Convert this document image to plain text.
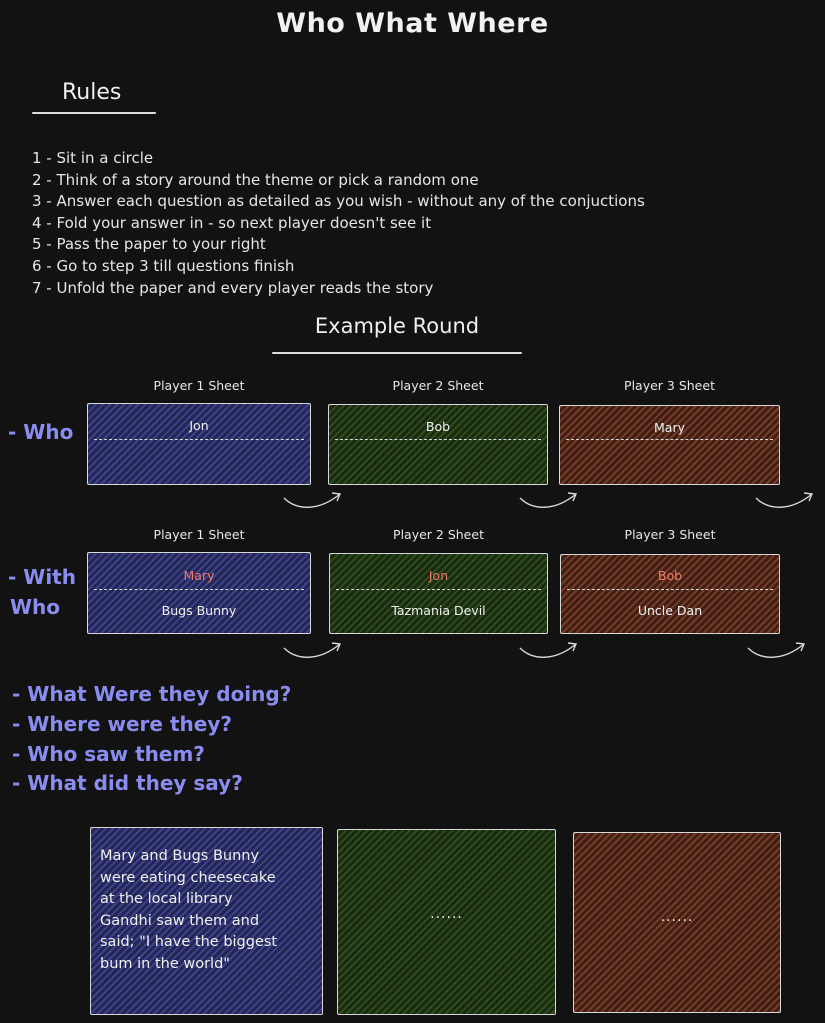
Who What Where
Rules
1 - Sit in a circle
2 - Think of a story around the theme or pick a random one
3 - Answer each question as detailed as you wish - without any of the conjuctions
4 - Fold your answer in - so next player doesn't see it
5 - Pass the paper to your right
6 - Go to step 3 till questions finish
7 - Unfold the paper and every player reads the story
Example Round
- Who
Player 1 Sheet	Player 2 Sheet	Player 3 Sheet
Jon	Bob	Mary
- With
Who
Player 1 Sheet	Player 2 Sheet	Player 3 Sheet
Mary
Bugs Bunny
Jon
Tazmania Devil
Bob
Uncle Dan
- What Were they doing?
- Where were they?
- Who saw them?
- What did they say?
Mary and Bugs Bunny
were eating cheesecake
at the local library
Gandhi saw them and
said; "I have the biggest
bum in the world"
......	......
